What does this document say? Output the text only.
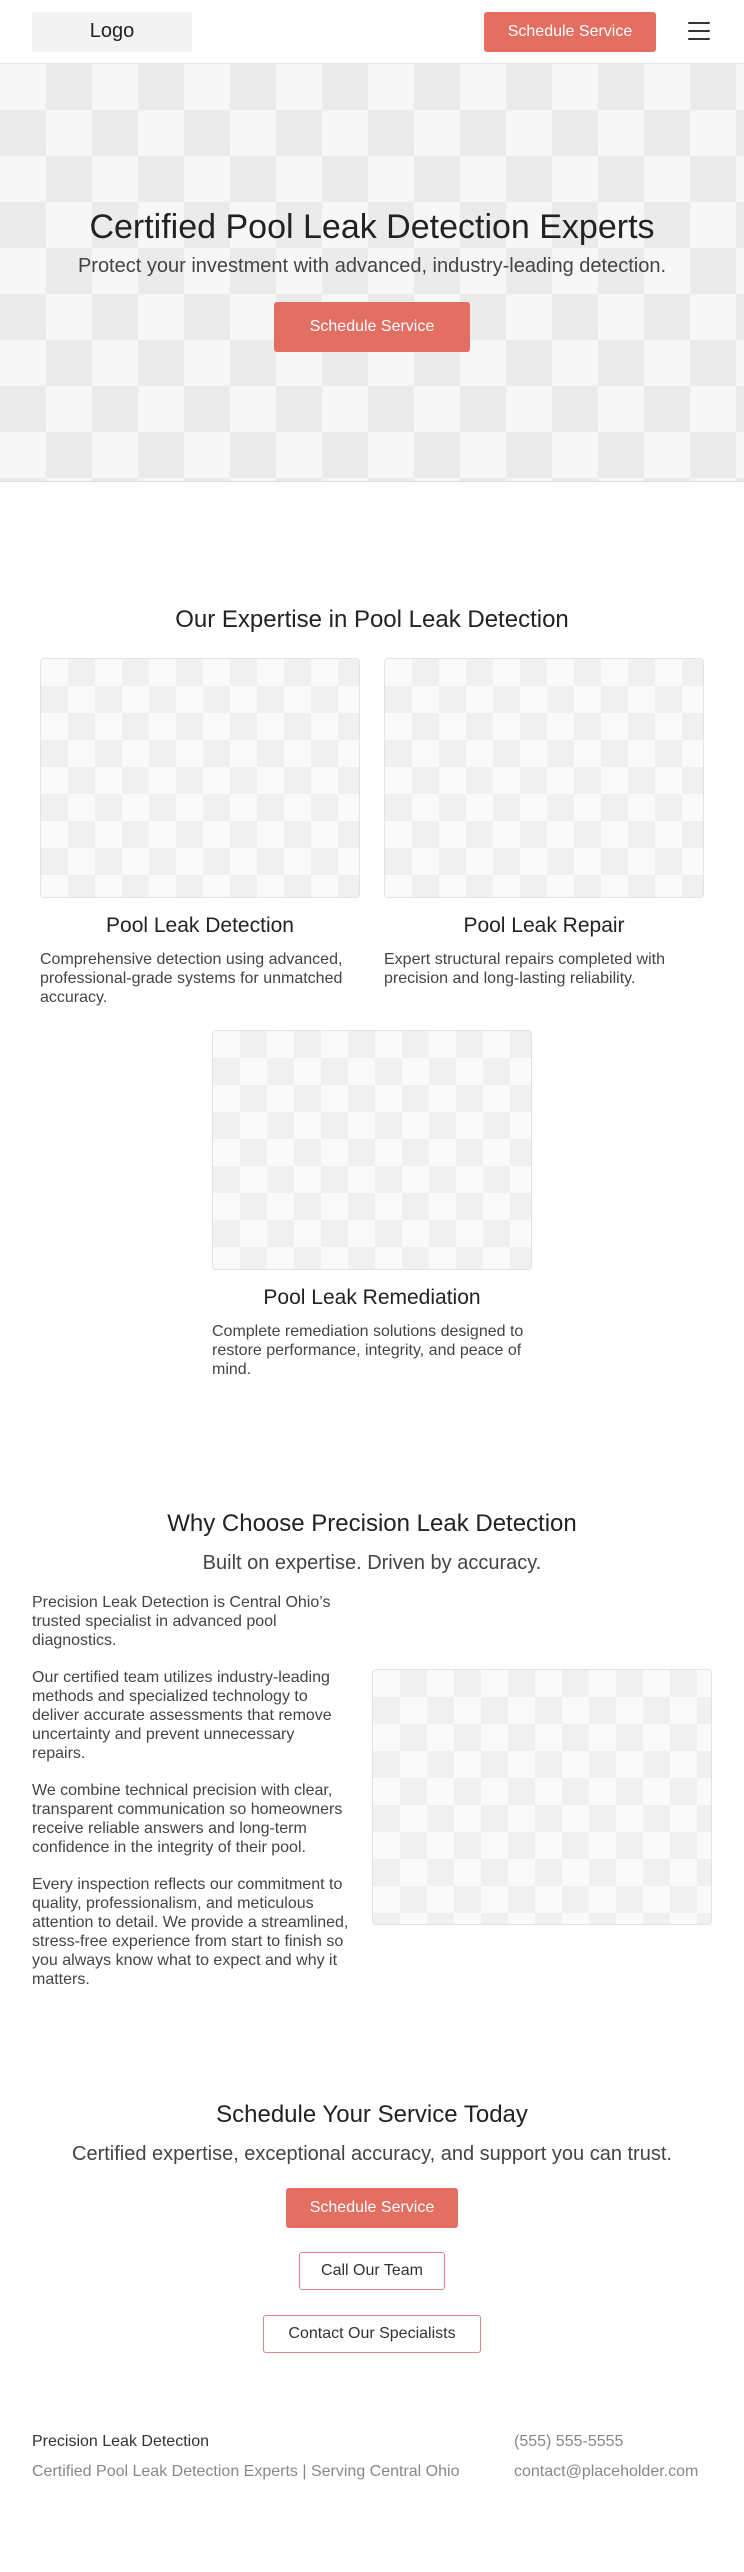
Logo	Schedule Service
Certified Pool Leak Detection Experts
Protect your investment with advanced, industry-leading detection.
Schedule Service
Our Expertise in Pool Leak Detection
Pool Leak Detection

Comprehensive detection using advanced, professional-grade systems for unmatched accuracy.

Pool Leak Repair

Expert structural repairs completed with precision and long-lasting reliability.

Pool Leak Remediation

Complete remediation solutions designed to restore performance, integrity, and peace of mind.

Why Choose Precision Leak Detection
Built on expertise. Driven by accuracy.

Precision Leak Detection is Central Ohio’s trusted specialist in advanced pool diagnostics.

Our certified team utilizes industry-leading methods and specialized technology to deliver accurate assessments that remove uncertainty and prevent unnecessary repairs.

We combine technical precision with clear, transparent communication so homeowners receive reliable answers and long-term confidence in the integrity of their pool.

Every inspection reflects our commitment to quality, professionalism, and meticulous attention to detail. We provide a streamlined, stress-free experience from start to finish so you always know what to expect and why it matters.

Schedule Your Service Today
Certified expertise, exceptional accuracy, and support you can trust.
Schedule Service
Call Our Team
Contact Our Specialists
Precision Leak Detection
Certified Pool Leak Detection Experts | Serving Central Ohio
(555) 555-5555
contact@placeholder.com
